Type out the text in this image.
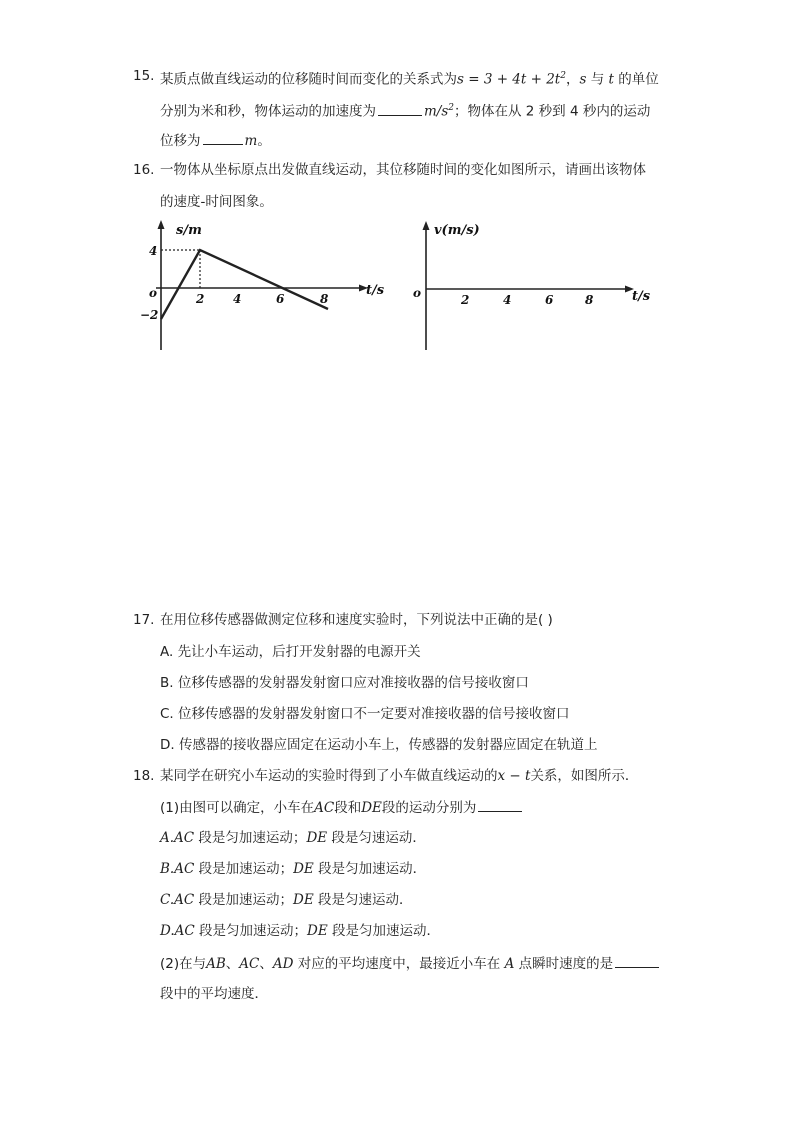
15. 某质点做直线运动的位移随时间而变化的关系式为$s = 3 + 4t + 2t^2$，s 与 t 的单位
分别为米和秒，物体运动的加速度为	$m/s^2$；物体在从 2 秒到 4 秒内的运动
位移为	m。
16. 一物体从坐标原点出发做直线运动，其位移随时间的变化如图所示，请画出该物体
的速度-时间图象。
s/m
t/s
o
4
−2
2 4	6	8
v(m/s)
t/s
o	2	4	6	8
17. 在用位移传感器做测定位移和速度实验时，下列说法中正确的是( )
A. 先让小车运动，后打开发射器的电源开关
B. 位移传感器的发射器发射窗口应对准接收器的信号接收窗口
C. 位移传感器的发射器发射窗口不一定要对准接收器的信号接收窗口
D. 传感器的接收器应固定在运动小车上，传感器的发射器应固定在轨道上
18. 某同学在研究小车运动的实验时得到了小车做直线运动的x − t关系，如图所示．
(1)由图可以确定，小车在AC段和DE段的运动分别为
A.AC 段是匀加速运动；DE 段是匀速运动．
B.AC 段是加速运动；DE 段是匀加速运动．
C.AC 段是加速运动；DE 段是匀速运动．
D.AC 段是匀加速运动；DE 段是匀加速运动．
(2)在与AB、AC、AD 对应的平均速度中，最接近小车在 A 点瞬时速度的是
段中的平均速度．
